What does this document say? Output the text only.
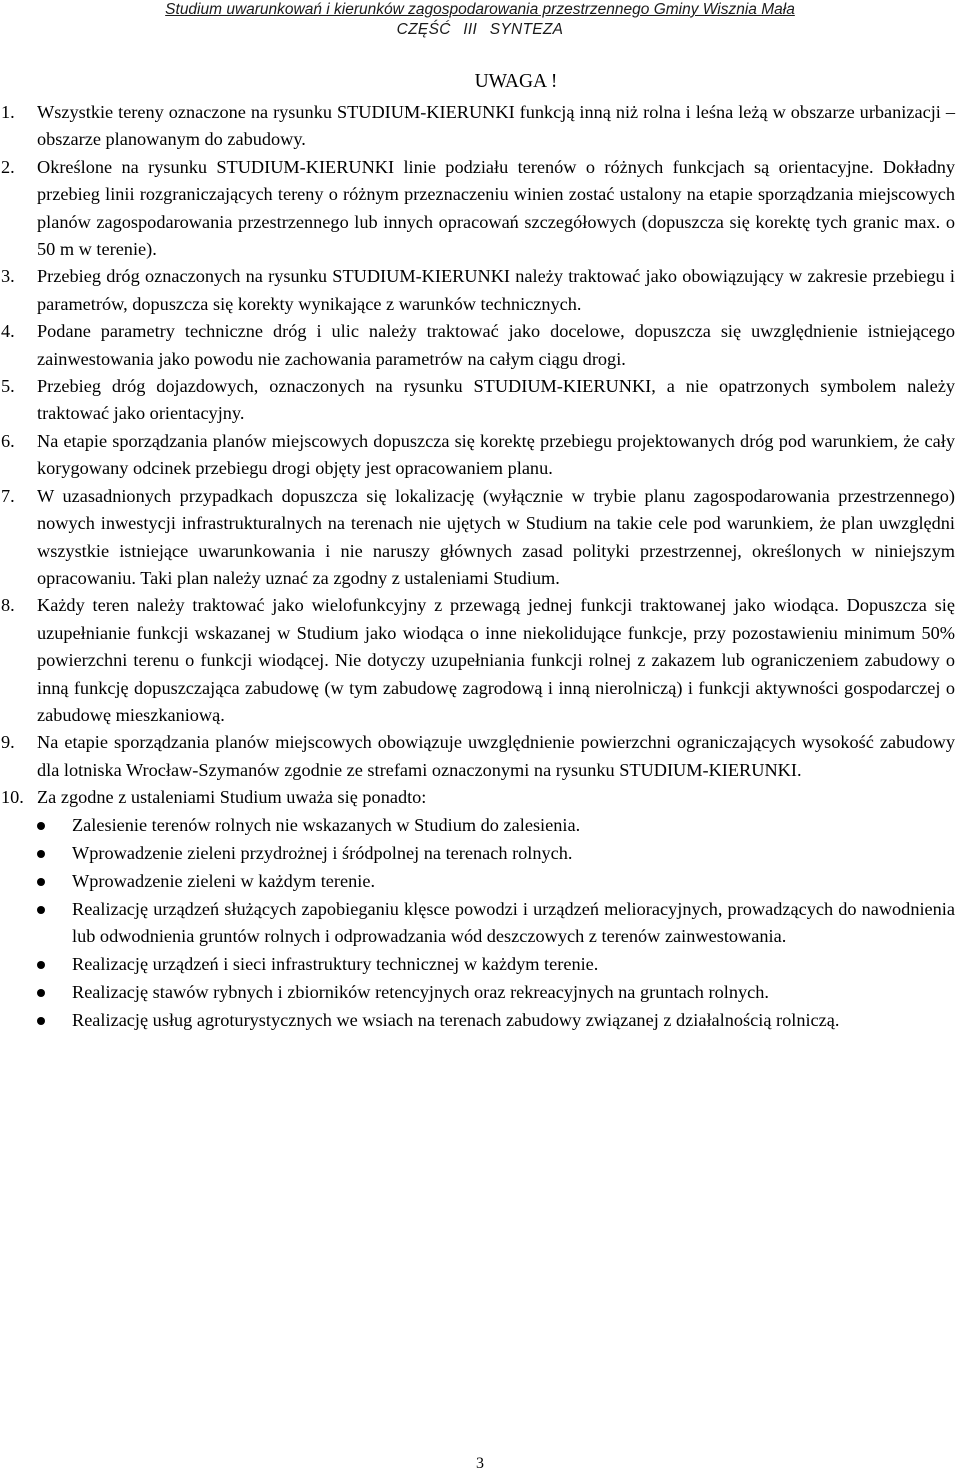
Studium uwarunkowań i kierunków zagospodarowania przestrzennego Gminy Wisznia Mała
CZĘŚĆ III SYNTEZA
UWAGA !
1.	Wszystkie tereny oznaczone na rysunku STUDIUM-KIERUNKI funkcją inną niż rolna i leśna leżą w obszarze urbanizacji – obszarze planowanym do zabudowy.
2.	Określone na rysunku STUDIUM-KIERUNKI linie podziału terenów o różnych funkcjach są orientacyjne. Dokładny przebieg linii rozgraniczających tereny o różnym przeznaczeniu winien zostać ustalony na etapie sporządzania miejscowych planów zagospodarowania przestrzennego lub innych opracowań szczegółowych (dopuszcza się korektę tych granic max. o 50 m w terenie).
3.	Przebieg dróg oznaczonych na rysunku STUDIUM-KIERUNKI należy traktować jako obowiązujący w zakresie przebiegu i parametrów, dopuszcza się korekty wynikające z warunków technicznych.
4.	Podane parametry techniczne dróg i ulic należy traktować jako docelowe, dopuszcza się uwzględnienie istniejącego zainwestowania jako powodu nie zachowania parametrów na całym ciągu drogi.
5.	Przebieg dróg dojazdowych, oznaczonych na rysunku STUDIUM-KIERUNKI, a nie opatrzonych symbolem należy traktować jako orientacyjny.
6.	Na etapie sporządzania planów miejscowych dopuszcza się korektę przebiegu projektowanych dróg pod warunkiem, że cały korygowany odcinek przebiegu drogi objęty jest opracowaniem planu.
7.	W uzasadnionych przypadkach dopuszcza się lokalizację (wyłącznie w trybie planu zagospodarowania przestrzennego) nowych inwestycji infrastrukturalnych na terenach nie ujętych w Studium na takie cele pod warunkiem, że plan uwzględni wszystkie istniejące uwarunkowania i nie naruszy głównych zasad polityki przestrzennej, określonych w niniejszym opracowaniu. Taki plan należy uznać za zgodny z ustaleniami Studium.
8.	Każdy teren należy traktować jako wielofunkcyjny z przewagą jednej funkcji traktowanej jako wiodąca. Dopuszcza się uzupełnianie funkcji wskazanej w Studium jako wiodąca o inne niekolidujące funkcje, przy pozostawieniu minimum 50% powierzchni terenu o funkcji wiodącej. Nie dotyczy uzupełniania funkcji rolnej z zakazem lub ograniczeniem zabudowy o inną funkcję dopuszczająca zabudowę (w tym zabudowę zagrodową i inną nierolniczą) i funkcji aktywności gospodarczej o zabudowę mieszkaniową.
9.	Na etapie sporządzania planów miejscowych obowiązuje uwzględnienie powierzchni ograniczających wysokość zabudowy dla lotniska Wrocław-Szymanów zgodnie ze strefami oznaczonymi na rysunku STUDIUM-KIERUNKI.
10. Za zgodne z ustaleniami Studium uważa się ponadto:
Zalesienie terenów rolnych nie wskazanych w Studium do zalesienia.
Wprowadzenie zieleni przydrożnej i śródpolnej na terenach rolnych.
Wprowadzenie zieleni w każdym terenie.
Realizację urządzeń służących zapobieganiu klęsce powodzi i urządzeń melioracyjnych, prowadzących do nawodnienia lub odwodnienia gruntów rolnych i odprowadzania wód deszczowych z terenów zainwestowania.
Realizację urządzeń i sieci infrastruktury technicznej w każdym terenie.
Realizację stawów rybnych i zbiorników retencyjnych oraz rekreacyjnych na gruntach rolnych.
Realizację usług agroturystycznych we wsiach na terenach zabudowy związanej z działalnością rolniczą.
3
